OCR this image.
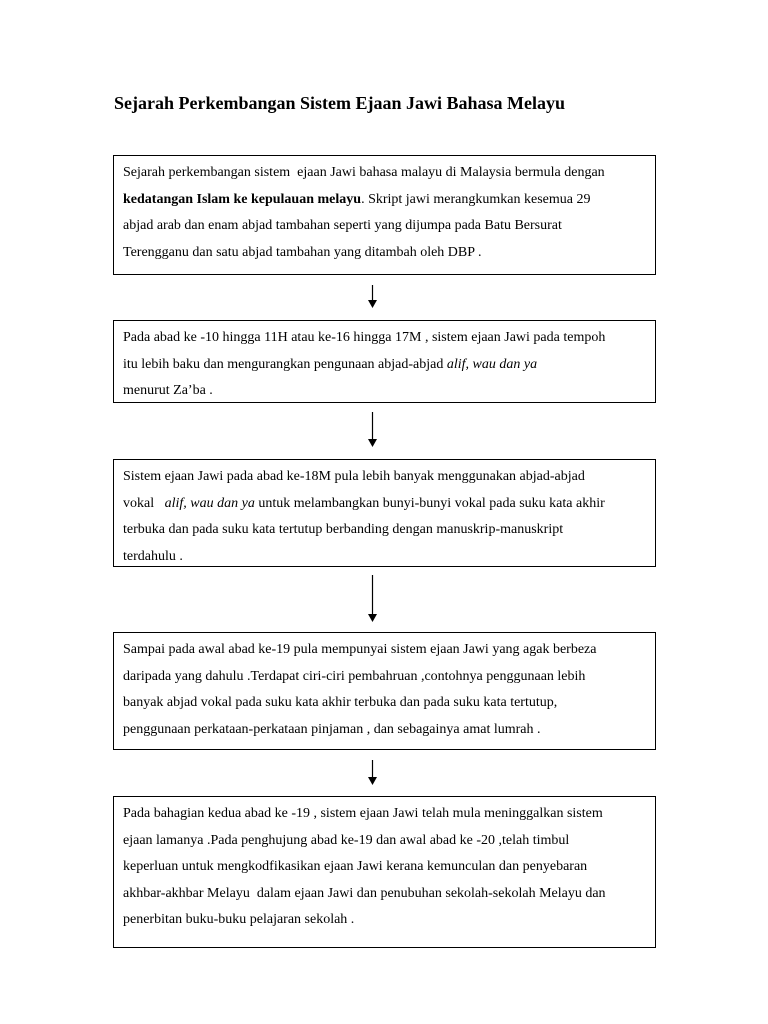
Sejarah Perkembangan Sistem Ejaan Jawi Bahasa Melayu

Sejarah perkembangan sistem  ejaan Jawi bahasa malayu di Malaysia bermula dengan
kedatangan Islam ke kepulauan melayu. Skript jawi merangkumkan kesemua 29
abjad arab dan enam abjad tambahan seperti yang dijumpa pada Batu Bersurat
Terengganu dan satu abjad tambahan yang ditambah oleh DBP .

Pada abad ke -10 hingga 11H atau ke-16 hingga 17M , sistem ejaan Jawi pada tempoh
itu lebih baku dan mengurangkan pengunaan abjad-abjad alif, wau dan ya
menurut Za’ba .

Sistem ejaan Jawi pada abad ke-18M pula lebih banyak menggunakan abjad-abjad
vokal   alif, wau dan ya untuk melambangkan bunyi-bunyi vokal pada suku kata akhir
terbuka dan pada suku kata tertutup berbanding dengan manuskrip-manuskript
terdahulu .

Sampai pada awal abad ke-19 pula mempunyai sistem ejaan Jawi yang agak berbeza
daripada yang dahulu .Terdapat ciri-ciri pembahruan ,contohnya penggunaan lebih
banyak abjad vokal pada suku kata akhir terbuka dan pada suku kata tertutup,
penggunaan perkataan-perkataan pinjaman , dan sebagainya amat lumrah .

Pada bahagian kedua abad ke -19 , sistem ejaan Jawi telah mula meninggalkan sistem
ejaan lamanya .Pada penghujung abad ke-19 dan awal abad ke -20 ,telah timbul
keperluan untuk mengkodfikasikan ejaan Jawi kerana kemunculan dan penyebaran
akhbar-akhbar Melayu  dalam ejaan Jawi dan penubuhan sekolah-sekolah Melayu dan
penerbitan buku-buku pelajaran sekolah .
